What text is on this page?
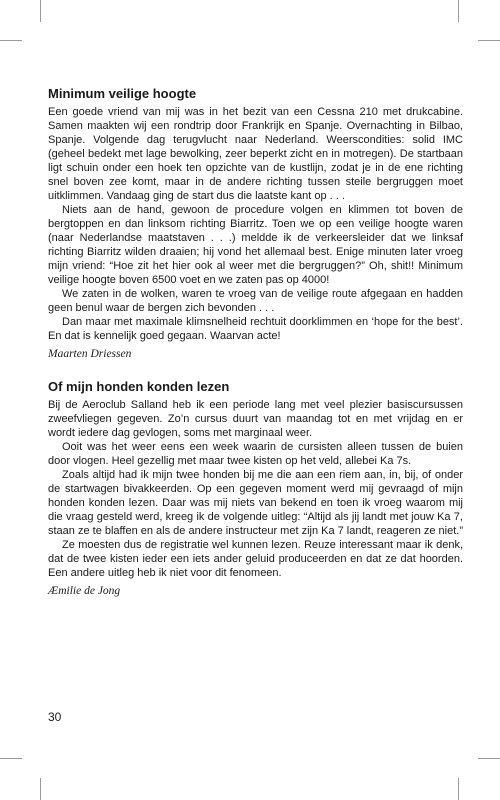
Minimum veilige hoogte

Een goede vriend van mij was in het bezit van een Cessna 210 met drukcabine. Samen maakten wij een rondtrip door Frankrijk en Spanje. Overnachting in Bilbao, Spanje. Volgende dag terugvlucht naar Nederland. Weerscondities: solid IMC (geheel bedekt met lage bewolking, zeer beperkt zicht en in motregen). De startbaan ligt schuin onder een hoek ten opzichte van de kustlijn, zodat je in de ene richting snel boven zee komt, maar in de andere richting tussen steile bergruggen moet uitklimmen. Vandaag ging de start dus die laatste kant op . . .

Niets aan de hand, gewoon de procedure volgen en klimmen tot boven de bergtoppen en dan linksom richting Biarritz. Toen we op een veilige hoogte waren (naar Nederlandse maatstaven . . .) meldde ik de verkeersleider dat we linksaf richting Biarritz wilden draaien; hij vond het allemaal best. Enige minuten later vroeg mijn vriend: “Hoe zit het hier ook al weer met die bergruggen?” Oh, shit!! Minimum veilige hoogte boven 6500 voet en we zaten pas op 4000!

We zaten in de wolken, waren te vroeg van de veilige route afgegaan en hadden geen benul waar de bergen zich bevonden . . .

Dan maar met maximale klimsnelheid rechtuit doorklimmen en ‘hope for the best’. En dat is kennelijk goed gegaan. Waarvan acte!

Maarten Driessen

Of mijn honden konden lezen

Bij de Aeroclub Salland heb ik een periode lang met veel plezier basiscursussen zweefvliegen gegeven. Zo’n cursus duurt van maandag tot en met vrijdag en er wordt iedere dag gevlogen, soms met marginaal weer.

Ooit was het weer eens een week waarin de cursisten alleen tussen de buien door vlogen. Heel gezellig met maar twee kisten op het veld, allebei Ka 7s.

Zoals altijd had ik mijn twee honden bij me die aan een riem aan, in, bij, of onder de startwagen bivakkeerden. Op een gegeven moment werd mij gevraagd of mijn honden konden lezen. Daar was mij niets van bekend en toen ik vroeg waarom mij die vraag gesteld werd, kreeg ik de volgende uitleg: “Altijd als jij landt met jouw Ka 7, staan ze te blaffen en als de andere instructeur met zijn Ka 7 landt, reageren ze niet.”

Ze moesten dus de registratie wel kunnen lezen. Reuze interessant maar ik denk, dat de twee kisten ieder een iets ander geluid produceerden en dat ze dat hoorden. Een andere uitleg heb ik niet voor dit fenomeen.

Æmilie de Jong

30
